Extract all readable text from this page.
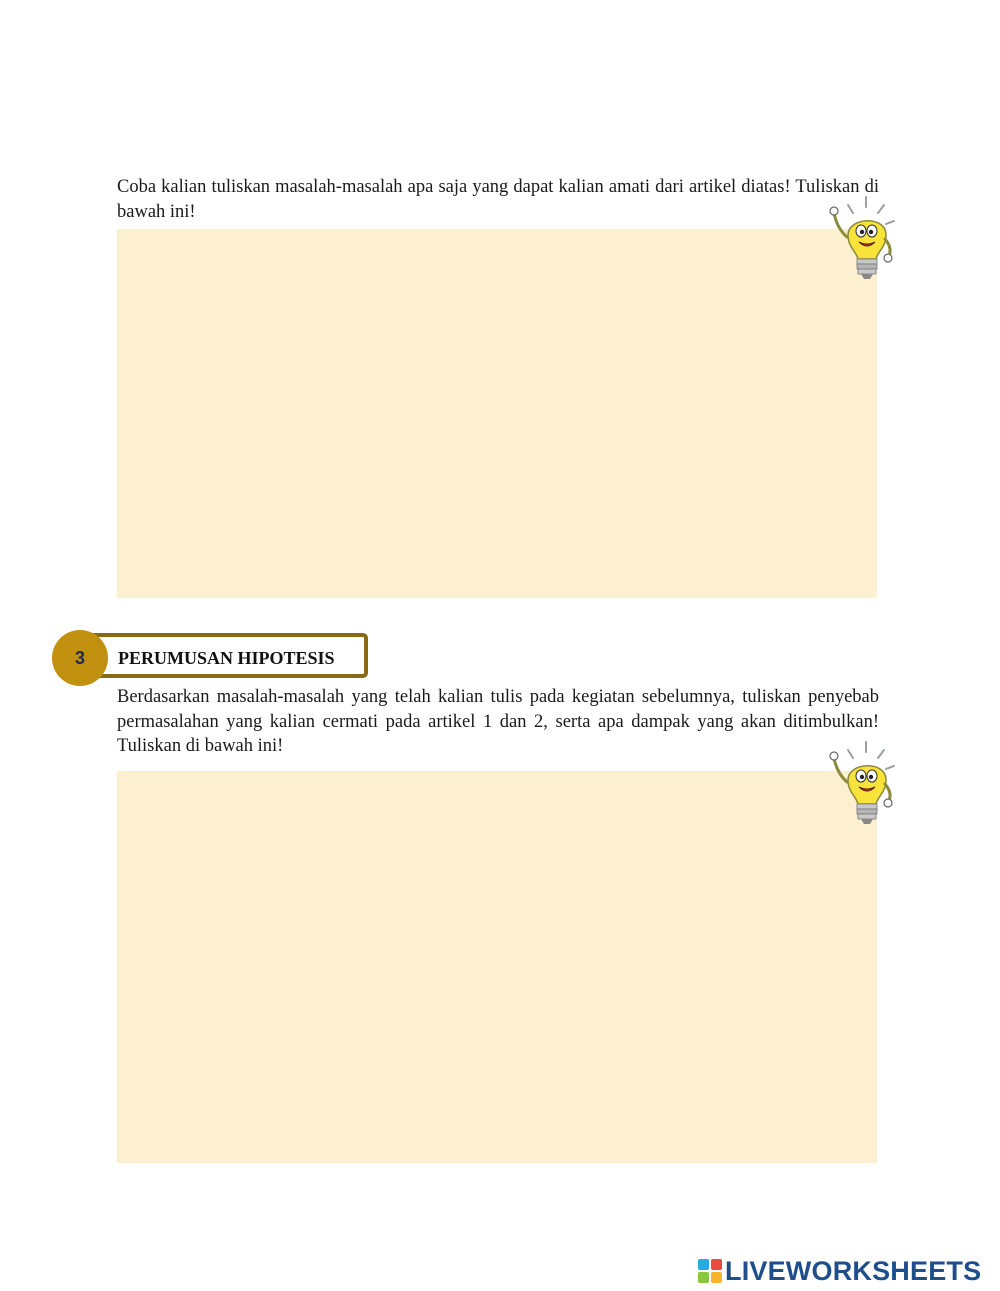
Coba kalian tuliskan masalah-masalah apa saja yang dapat kalian amati dari artikel diatas! Tuliskan di bawah ini!

3	PERUMUSAN HIPOTESIS

Berdasarkan masalah-masalah yang telah kalian tulis pada kegiatan sebelumnya, tuliskan penyebab permasalahan yang kalian cermati pada artikel 1 dan 2, serta apa dampak yang akan ditimbulkan! Tuliskan di bawah ini!

LIVEWORKSHEETS
